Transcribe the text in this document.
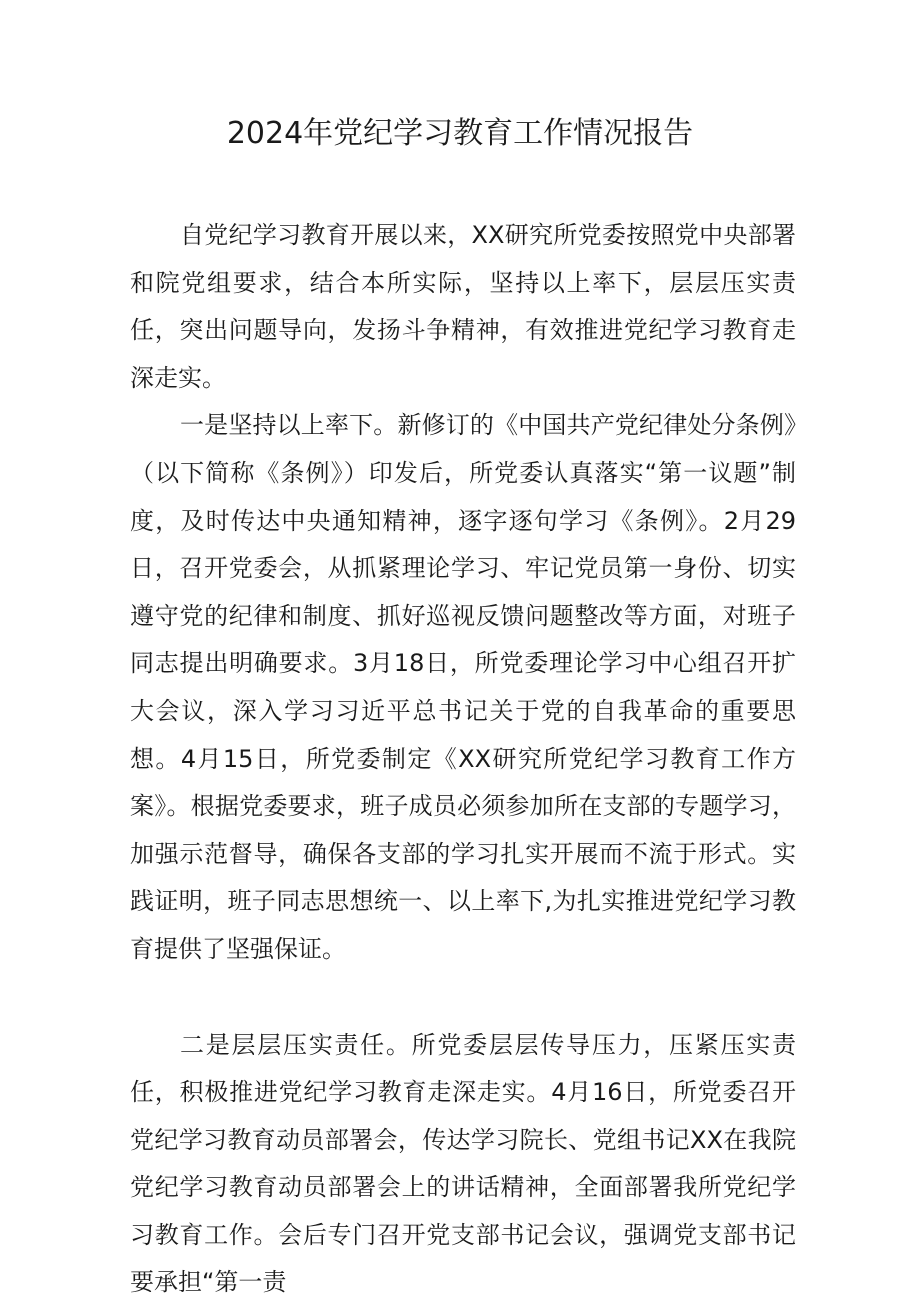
2024年党纪学习教育工作情况报告

自党纪学习教育开展以来，XX研究所党委按照党中央部署和院党组要求，结合本所实际，坚持以上率下，层层压实责任，突出问题导向，发扬斗争精神，有效推进党纪学习教育走深走实。

一是坚持以上率下。新修订的《中国共产党纪律处分条例》（以下简称《条例》）印发后，所党委认真落实“第一议题”制度，及时传达中央通知精神，逐字逐句学习《条例》。2月29日，召开党委会，从抓紧理论学习、牢记党员第一身份、切实遵守党的纪律和制度、抓好巡视反馈问题整改等方面，对班子同志提出明确要求。3月18日，所党委理论学习中心组召开扩大会议，深入学习习近平总书记关于党的自我革命的重要思想。4月15日，所党委制定《XX研究所党纪学习教育工作方案》。根据党委要求，班子成员必须参加所在支部的专题学习，加强示范督导，确保各支部的学习扎实开展而不流于形式。实践证明，班子同志思想统一、以上率下,为扎实推进党纪学习教育提供了坚强保证。

二是层层压实责任。所党委层层传导压力，压紧压实责任，积极推进党纪学习教育走深走实。4月16日，所党委召开党纪学习教育动员部署会，传达学习院长、党组书记XX在我院党纪学习教育动员部署会上的讲话精神，全面部署我所党纪学习教育工作。会后专门召开党支部书记会议，强调党支部书记要承担“第一责
